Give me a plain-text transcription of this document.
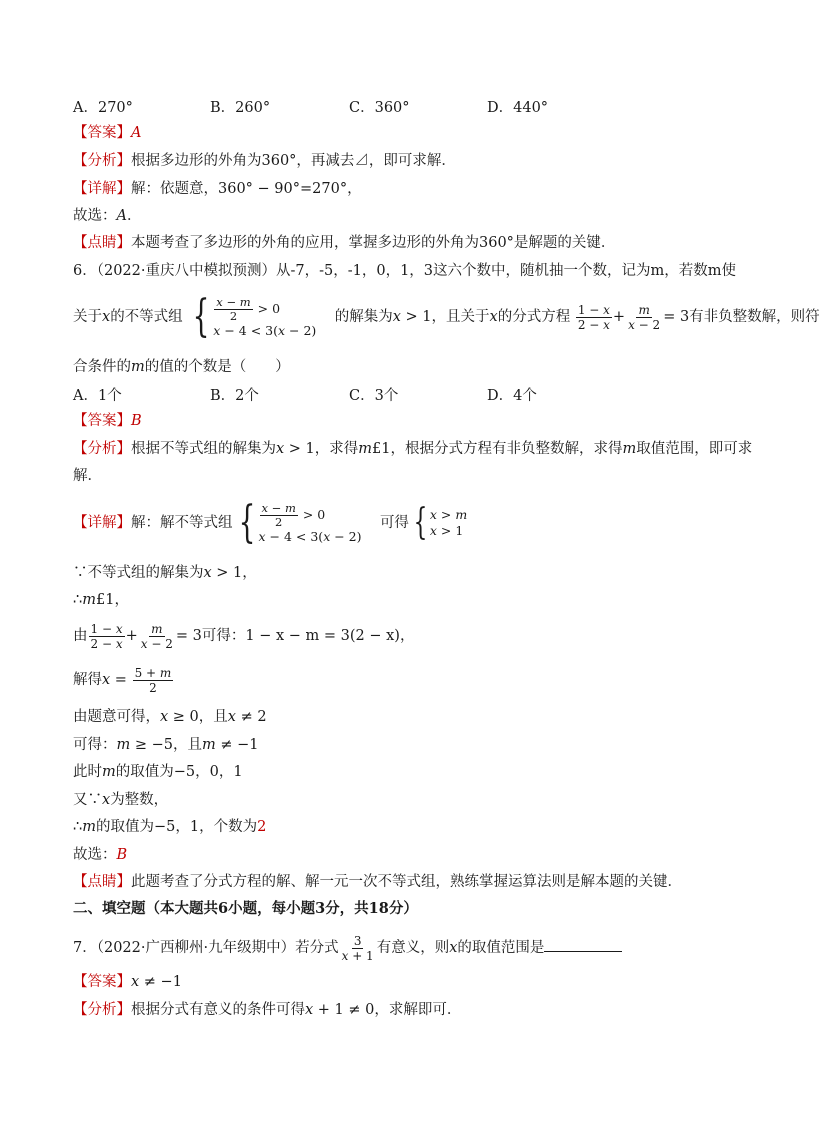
A．270°	B．260°	C．360°	D．440°
【答案】A
【分析】根据多边形的外角为360°，再减去⊿，即可求解．
【详解】解：依题意，360° − 90°=270°，
故选：A．
【点睛】本题考查了多边形的外角的应用，掌握多边形的外角为360°是解题的关键．
6．（2022·重庆八中模拟预测）从-7，-5，-1，0，1，3这六个数中，随机抽一个数，记为m，若数m使
关于x的不等式组 { $\frac{x - m}{2} > 0$
x − 4 < 3(x − 2)
的解集为x > 1，且关于x的分式方程 $\frac{1 - x}{2 - x} + \frac{m}{x - 2} = 3$有非负整数解，则符
合条件的m的值的个数是（　　）
A．1个	B．2个	C．3个	D．4个
【答案】B
【分析】根据不等式组的解集为x > 1，求得m£1，根据分式方程有非负整数解，求得m取值范围，即可求
解．
【详解】解：解不等式组 { $\frac{x - m}{2} > 0$
x − 4 < 3(x − 2)
可得 { x > m
x > 1
∵不等式组的解集为x > 1，
∴m£1，
由 $\frac{1 - x}{2 - x} + \frac{m}{x - 2} = 3$可得：1 − x − m = 3(2 − x)，
解得$x = \frac{5 + m}{2}$
由题意可得，x ≥ 0，且x ≠ 2
可得：m ≥ −5，且m ≠ −1
此时m的取值为−5，0，1
又∵x为整数，
∴m的取值为−5，1，个数为2
故选：B
【点睛】此题考查了分式方程的解、解一元一次不等式组，熟练掌握运算法则是解本题的关键．
二、填空题（本大题共6小题，每小题3分，共18分）
7．（2022·广西柳州·九年级期中）若分式 $\frac{3}{x + 1}$ 有意义，则x的取值范围是
【答案】x ≠ −1
【分析】根据分式有意义的条件可得x + 1 ≠ 0，求解即可．
